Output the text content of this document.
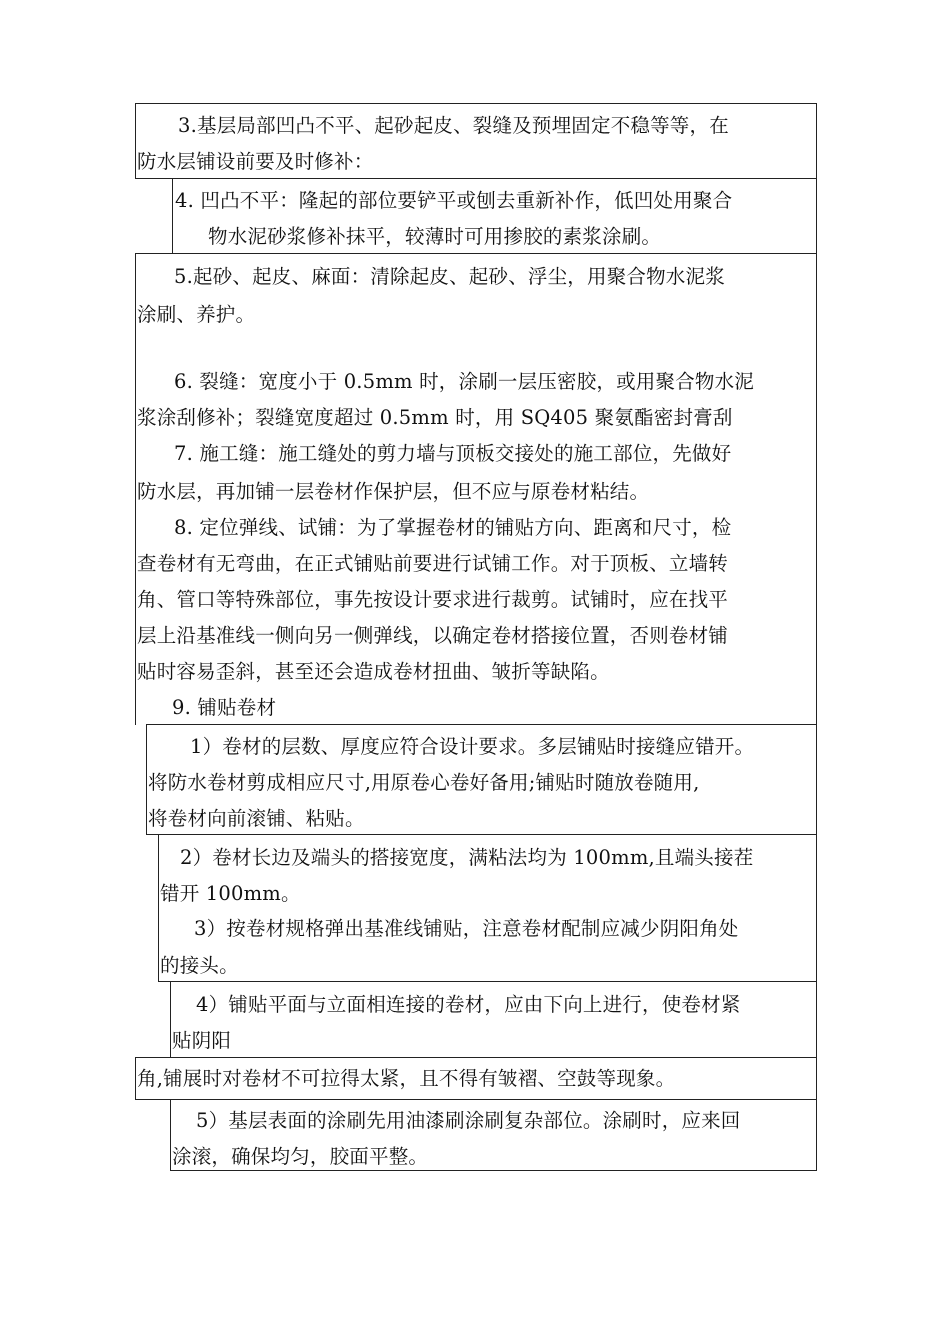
3.基层局部凹凸不平、起砂起皮、裂缝及预埋固定不稳等等，在
防水层铺设前要及时修补：
4. 凹凸不平：隆起的部位要铲平或刨去重新补作，低凹处用聚合
物水泥砂浆修补抹平，较薄时可用掺胶的素浆涂刷。
5.起砂、起皮、麻面：清除起皮、起砂、浮尘，用聚合物水泥浆
涂刷、养护。
6. 裂缝：宽度小于 0.5mm 时，涂刷一层压密胶，或用聚合物水泥
浆涂刮修补；裂缝宽度超过 0.5mm 时，用 SQ405 聚氨酯密封膏刮
7. 施工缝：施工缝处的剪力墙与顶板交接处的施工部位，先做好
防水层，再加铺一层卷材作保护层，但不应与原卷材粘结。
8. 定位弹线、试铺：为了掌握卷材的铺贴方向、距离和尺寸，检
查卷材有无弯曲，在正式铺贴前要进行试铺工作。对于顶板、立墙转
角、管口等特殊部位，事先按设计要求进行裁剪。试铺时，应在找平
层上沿基准线一侧向另一侧弹线，以确定卷材搭接位置，否则卷材铺
贴时容易歪斜，甚至还会造成卷材扭曲、皱折等缺陷。
9. 铺贴卷材
1）卷材的层数、厚度应符合设计要求。多层铺贴时接缝应错开。
将防水卷材剪成相应尺寸,用原卷心卷好备用;铺贴时随放卷随用,
将卷材向前滚铺、粘贴。
2）卷材长边及端头的搭接宽度，满粘法均为 100mm,且端头接茬
错开 100mm。
3）按卷材规格弹出基准线铺贴，注意卷材配制应减少阴阳角处
的接头。
4）铺贴平面与立面相连接的卷材，应由下向上进行，使卷材紧
贴阴阳
角,铺展时对卷材不可拉得太紧，且不得有皱褶、空鼓等现象。
5）基层表面的涂刷先用油漆刷涂刷复杂部位。涂刷时，应来回
涂滚，确保均匀，胶面平整。
